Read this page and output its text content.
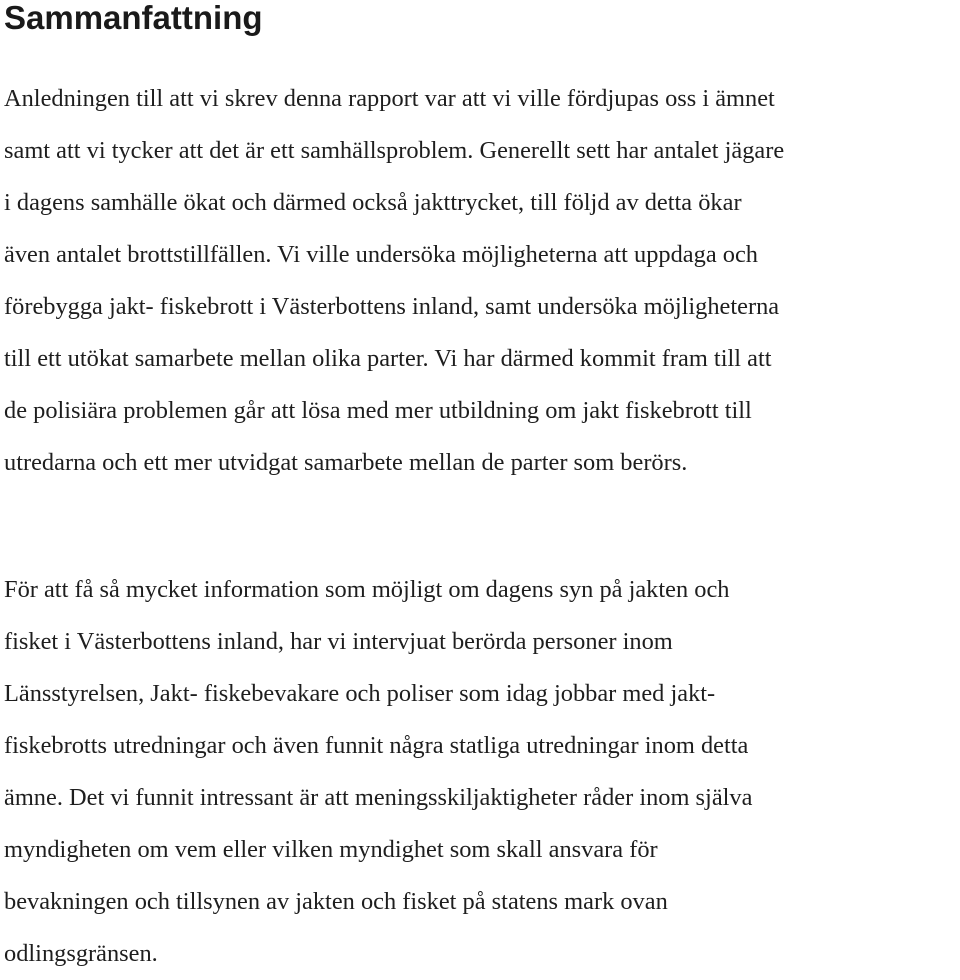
Sammanfattning
Anledningen till att vi skrev denna rapport var att vi ville fördjupas oss i ämnet
samt att vi tycker att det är ett samhällsproblem. Generellt sett har antalet jägare
i dagens samhälle ökat och därmed också jakttrycket, till följd av detta ökar
även antalet brottstillfällen. Vi ville undersöka möjligheterna att uppdaga och
förebygga jakt- fiskebrott i Västerbottens inland, samt undersöka möjligheterna
till ett utökat samarbete mellan olika parter. Vi har därmed kommit fram till att
de polisiära problemen går att lösa med mer utbildning om jakt fiskebrott till
utredarna och ett mer utvidgat samarbete mellan de parter som berörs.
För att få så mycket information som möjligt om dagens syn på jakten och
fisket i Västerbottens inland, har vi intervjuat berörda personer inom
Länsstyrelsen, Jakt- fiskebevakare och poliser som idag jobbar med jakt-
fiskebrotts utredningar och även funnit några statliga utredningar inom detta
ämne. Det vi funnit intressant är att meningsskiljaktigheter råder inom själva
myndigheten om vem eller vilken myndighet som skall ansvara för
bevakningen och tillsynen av jakten och fisket på statens mark ovan
odlingsgränsen.
